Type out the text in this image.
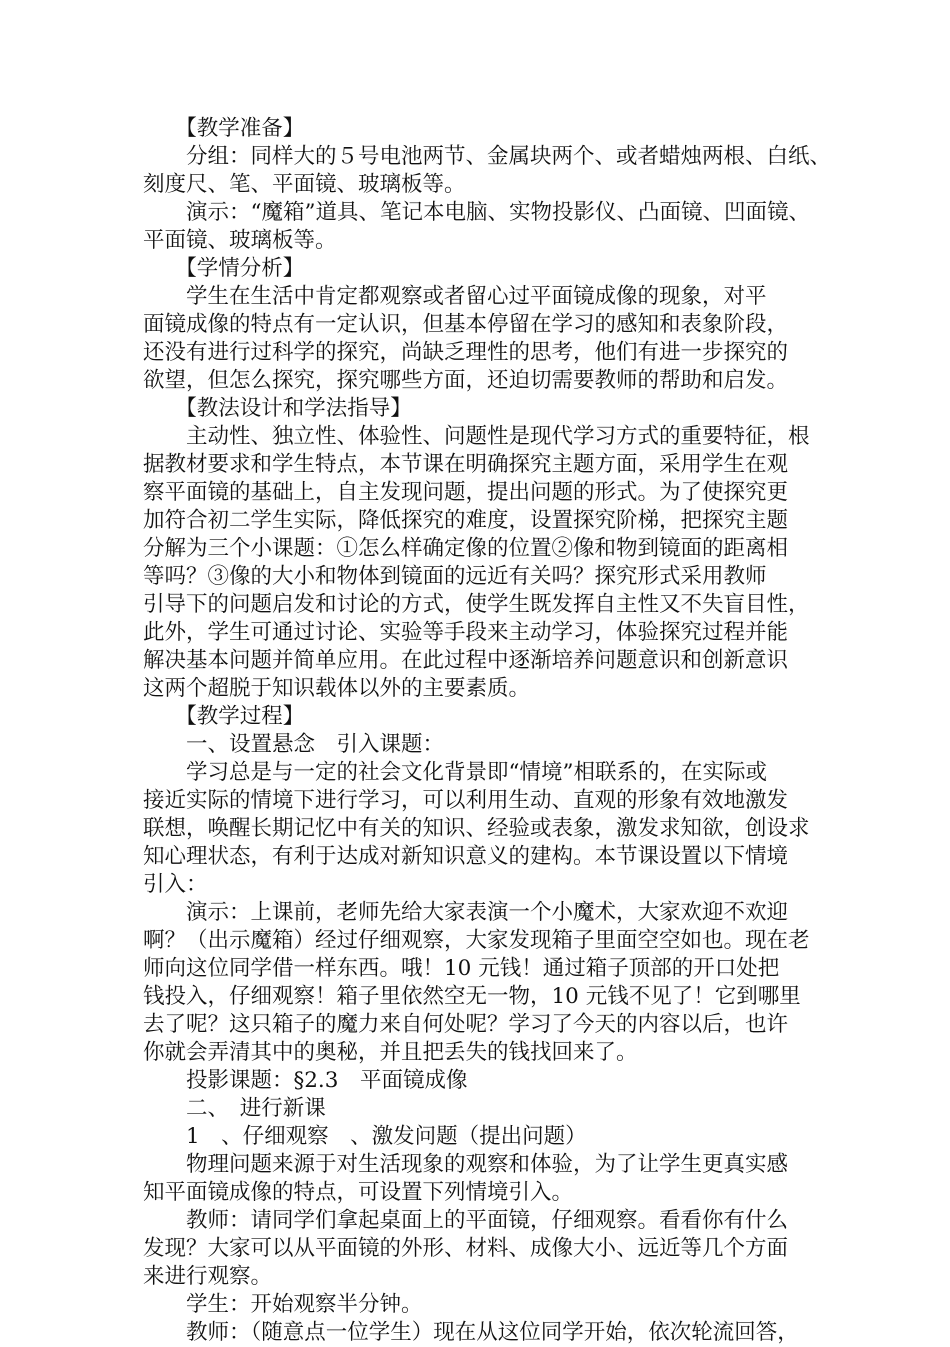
　　【教学准备】
　　分组：同样大的５号电池两节、金属块两个、或者蜡烛两根、白纸、
刻度尺、笔、平面镜、玻璃板等。
　　演示：“魔箱”道具、笔记本电脑、实物投影仪、凸面镜、凹面镜、
平面镜、玻璃板等。
　　【学情分析】
　　学生在生活中肯定都观察或者留心过平面镜成像的现象，对平
面镜成像的特点有一定认识，但基本停留在学习的感知和表象阶段，
还没有进行过科学的探究，尚缺乏理性的思考，他们有进一步探究的
欲望，但怎么探究，探究哪些方面，还迫切需要教师的帮助和启发。
　　【教法设计和学法指导】
　　主动性、独立性、体验性、问题性是现代学习方式的重要特征，根
据教材要求和学生特点，本节课在明确探究主题方面，采用学生在观
察平面镜的基础上，自主发现问题，提出问题的形式。为了使探究更
加符合初二学生实际，降低探究的难度，设置探究阶梯，把探究主题
分解为三个小课题：①怎么样确定像的位置②像和物到镜面的距离相
等吗？③像的大小和物体到镜面的远近有关吗？探究形式采用教师
引导下的问题启发和讨论的方式，使学生既发挥自主性又不失盲目性，
此外，学生可通过讨论、实验等手段来主动学习，体验探究过程并能
解决基本问题并简单应用。在此过程中逐渐培养问题意识和创新意识
这两个超脱于知识载体以外的主要素质。
　　【教学过程】
　　一、设置悬念　引入课题：
　　学习总是与一定的社会文化背景即“情境”相联系的，在实际或
接近实际的情境下进行学习，可以利用生动、直观的形象有效地激发
联想，唤醒长期记忆中有关的知识、经验或表象，激发求知欲，创设求
知心理状态，有利于达成对新知识意义的建构。本节课设置以下情境
引入：
　　演示：上课前，老师先给大家表演一个小魔术，大家欢迎不欢迎
啊？（出示魔箱）经过仔细观察，大家发现箱子里面空空如也。现在老
师向这位同学借一样东西。哦！10 元钱！通过箱子顶部的开口处把
钱投入，仔细观察！箱子里依然空无一物，10 元钱不见了！它到哪里
去了呢？这只箱子的魔力来自何处呢？学习了今天的内容以后，也许
你就会弄清其中的奥秘，并且把丢失的钱找回来了。
　　投影课题：§2.3　平面镜成像
　　二、　进行新课
　　1　、仔细观察　、激发问题（提出问题）
　　物理问题来源于对生活现象的观察和体验，为了让学生更真实感
知平面镜成像的特点，可设置下列情境引入。
　　教师：请同学们拿起桌面上的平面镜，仔细观察。看看你有什么
发现？大家可以从平面镜的外形、材料、成像大小、远近等几个方面
来进行观察。
　　学生：开始观察半分钟。
　　教师：（随意点一位学生）现在从这位同学开始，依次轮流回答，
